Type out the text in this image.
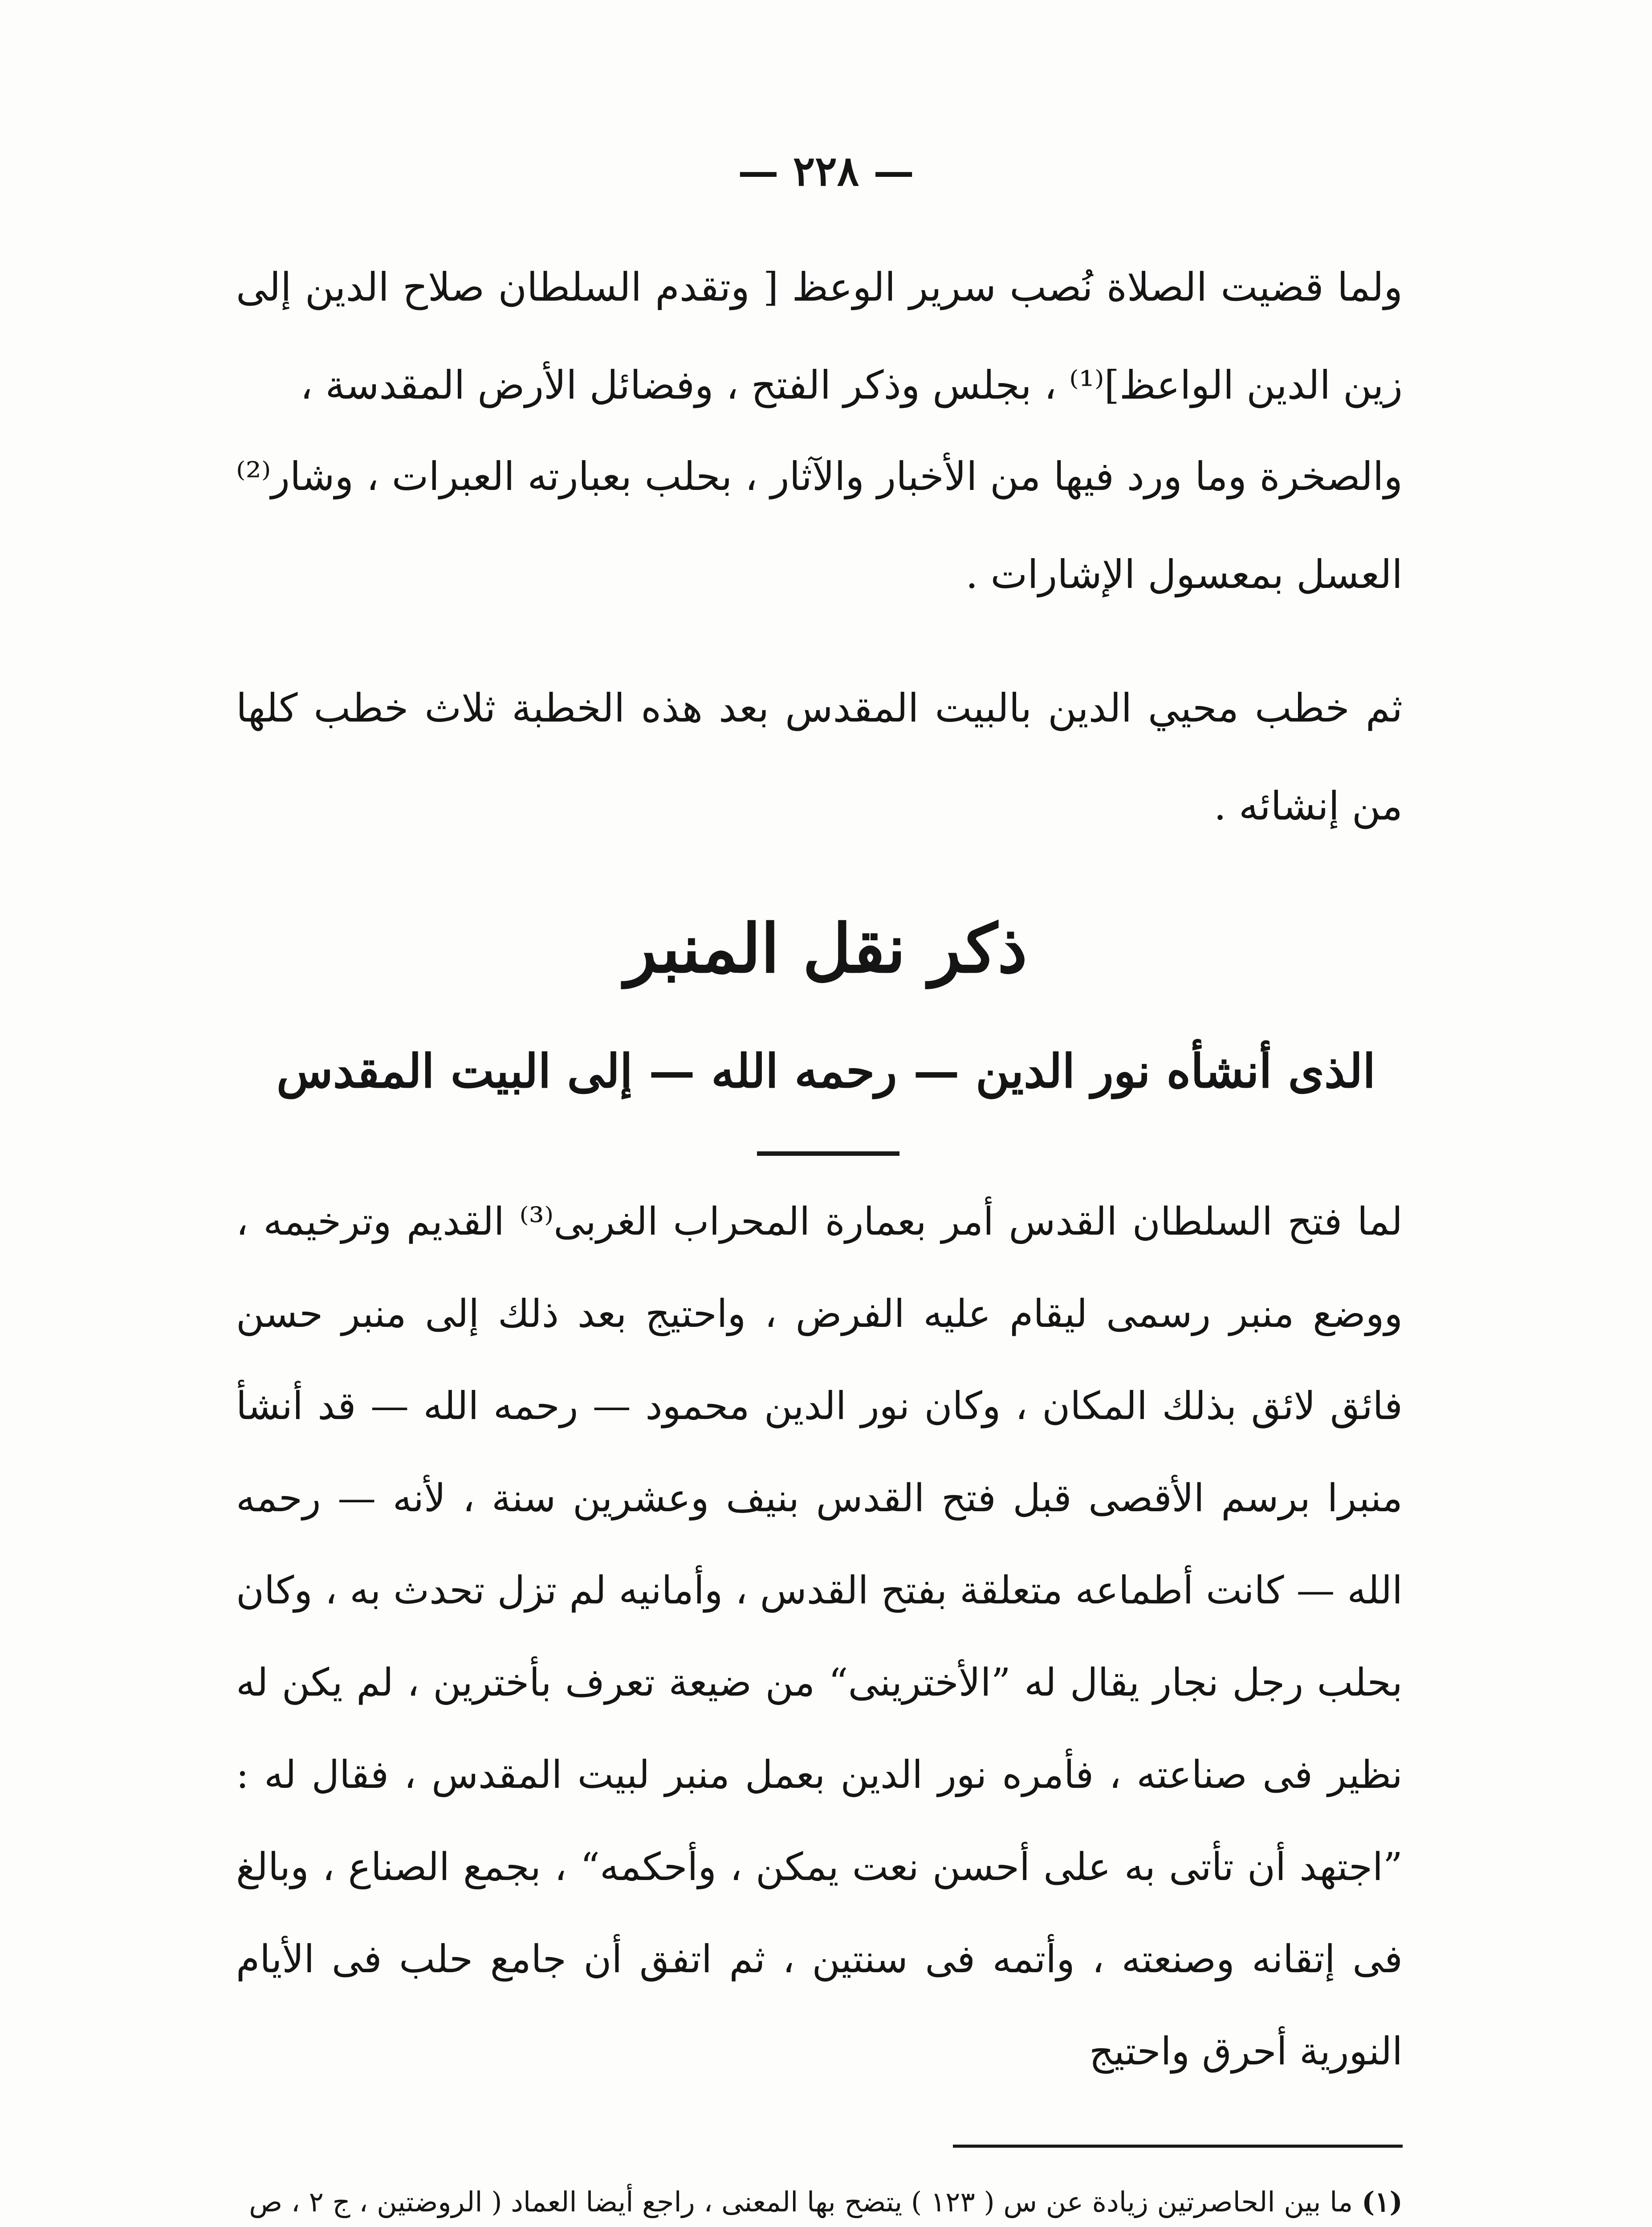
— ٢٢٨ —

ولما قضيت الصلاة نُصب سرير الوعظ [ وتقدم السلطان صلاح الدين إلى زين الدين الواعظ]⁽¹⁾ ، بجلس وذكر الفتح ، وفضائل الأرض المقدسة ،

والصخرة وما ورد فيها من الأخبار والآثار ، بحلب بعبارته العبرات ، وشار⁽²⁾ العسل بمعسول الإشارات .

ثم خطب محيي الدين بالبيت المقدس بعد هذه الخطبة ثلاث خطب كلها من إنشائه .

ذكر نقل المنبر
الذى أنشأه نور الدين — رحمه الله — إلى البيت المقدس

لما فتح السلطان القدس أمر بعمارة المحراب الغربى⁽³⁾ القديم وترخيمه ، ووضع منبر رسمى ليقام عليه الفرض ، واحتيج بعد ذلك إلى منبر حسن فائق لائق بذلك المكان ، وكان نور الدين محمود — رحمه الله — قد أنشأ منبرا برسم الأقصى قبل فتح القدس بنيف وعشرين سنة ، لأنه — رحمه الله — كانت أطماعه متعلقة بفتح القدس ، وأمانيه لم تزل تحدث به ، وكان بحلب رجل نجار يقال له ”الأخترينى“ من ضيعة تعرف بأخترين ، لم يكن له نظير فى صناعته ، فأمره نور الدين بعمل منبر لبيت المقدس ، فقال له : ”اجتهد أن تأتى به على أحسن نعت يمكن ، وأحكمه“ ، بجمع الصناع ، وبالغ فى إتقانه وصنعته ، وأتمه فى سنتين ، ثم اتفق أن جامع حلب فى الأيام النورية أحرق واحتيج

(١) ما بين الحاصرتين زيادة عن س ( ١٢٣ ) يتضح بها المعنى ، راجع أيضا العماد ( الروضتين ، ج ٢ ، ص
